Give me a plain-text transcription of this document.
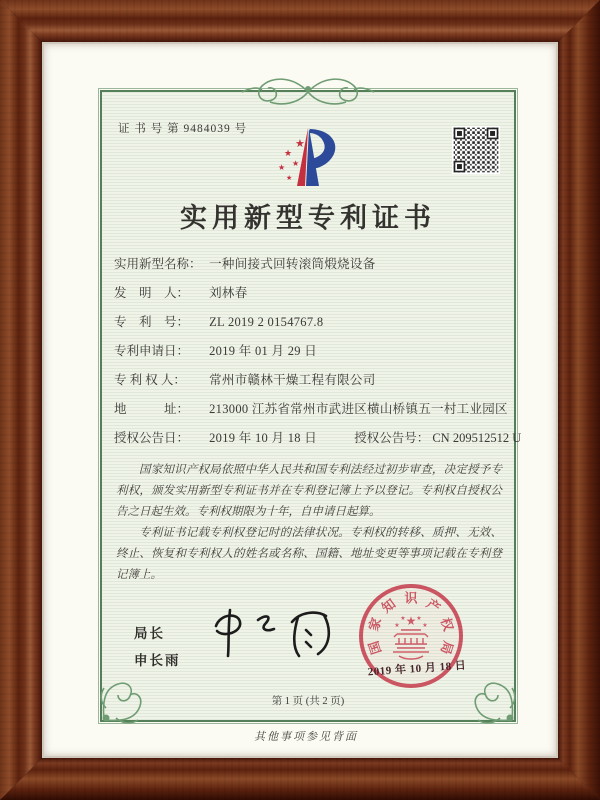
证 书 号 第 9484039 号
★
★
★
★
★
实用新型专利证书
实用新型名称： 一种间接式回转滚筒煅烧设备
发　明　人： 刘林春
专　利　号： ZL 2019 2 0154767.8
专利申请日： 2019 年 01 月 29 日
专 利 权 人： 常州市赣林干燥工程有限公司
地　　　址： 213000 江苏省常州市武进区横山桥镇五一村工业园区
授权公告日： 2019 年 10 月 18 日	授权公告号： CN 209512512 U

国家知识产权局依照中华人民共和国专利法经过初步审查，决定授予专利权，颁发实用新型专利证书并在专利登记簿上予以登记。专利权自授权公告之日起生效。专利权期限为十年，自申请日起算。

专利证书记载专利权登记时的法律状况。专利权的转移、质押、无效、终止、恢复和专利权人的姓名或名称、国籍、地址变更等事项记载在专利登记簿上。

局长
申长雨
国
家
知 识 产
权
局
★
★
★ ★
★
2019 年 10 月 18 日
第 1 页 (共 2 页)
其他事项参见背面
